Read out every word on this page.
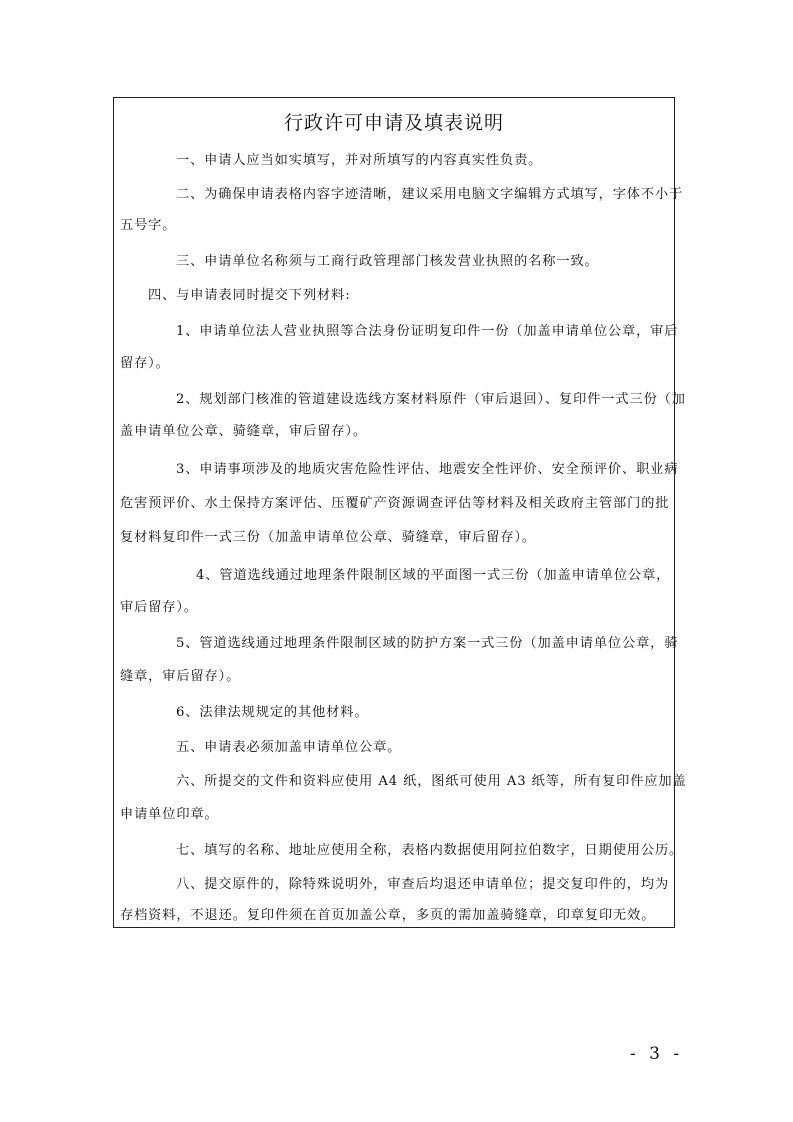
行政许可申请及填表说明
一、申请人应当如实填写，并对所填写的内容真实性负责。
二、为确保申请表格内容字迹清晰，建议采用电脑文字编辑方式填写，字体不小于
五号字。
三、申请单位名称须与工商行政管理部门核发营业执照的名称一致。
四、与申请表同时提交下列材料:
1、申请单位法人营业执照等合法身份证明复印件一份（加盖申请单位公章，审后
留存）。
2、规划部门核准的管道建设选线方案材料原件（审后退回）、复印件一式三份（加
盖申请单位公章、骑缝章，审后留存）。
3、申请事项涉及的地质灾害危险性评估、地震安全性评价、安全预评价、职业病
危害预评价、水土保持方案评估、压覆矿产资源调查评估等材料及相关政府主管部门的批
复材料复印件一式三份（加盖申请单位公章、骑缝章，审后留存）。
4、管道选线通过地理条件限制区域的平面图一式三份（加盖申请单位公章，
审后留存）。
5、管道选线通过地理条件限制区域的防护方案一式三份（加盖申请单位公章，骑
缝章，审后留存）。
6、法律法规规定的其他材料。
五、申请表必须加盖申请单位公章。
六、所提交的文件和资料应使用 A4 纸，图纸可使用 A3 纸等，所有复印件应加盖
申请单位印章。
七、填写的名称、地址应使用全称，表格内数据使用阿拉伯数字，日期使用公历。
八、提交原件的，除特殊说明外，审查后均退还申请单位；提交复印件的，均为
存档资料，不退还。复印件须在首页加盖公章，多页的需加盖骑缝章，印章复印无效。
- 3 -
